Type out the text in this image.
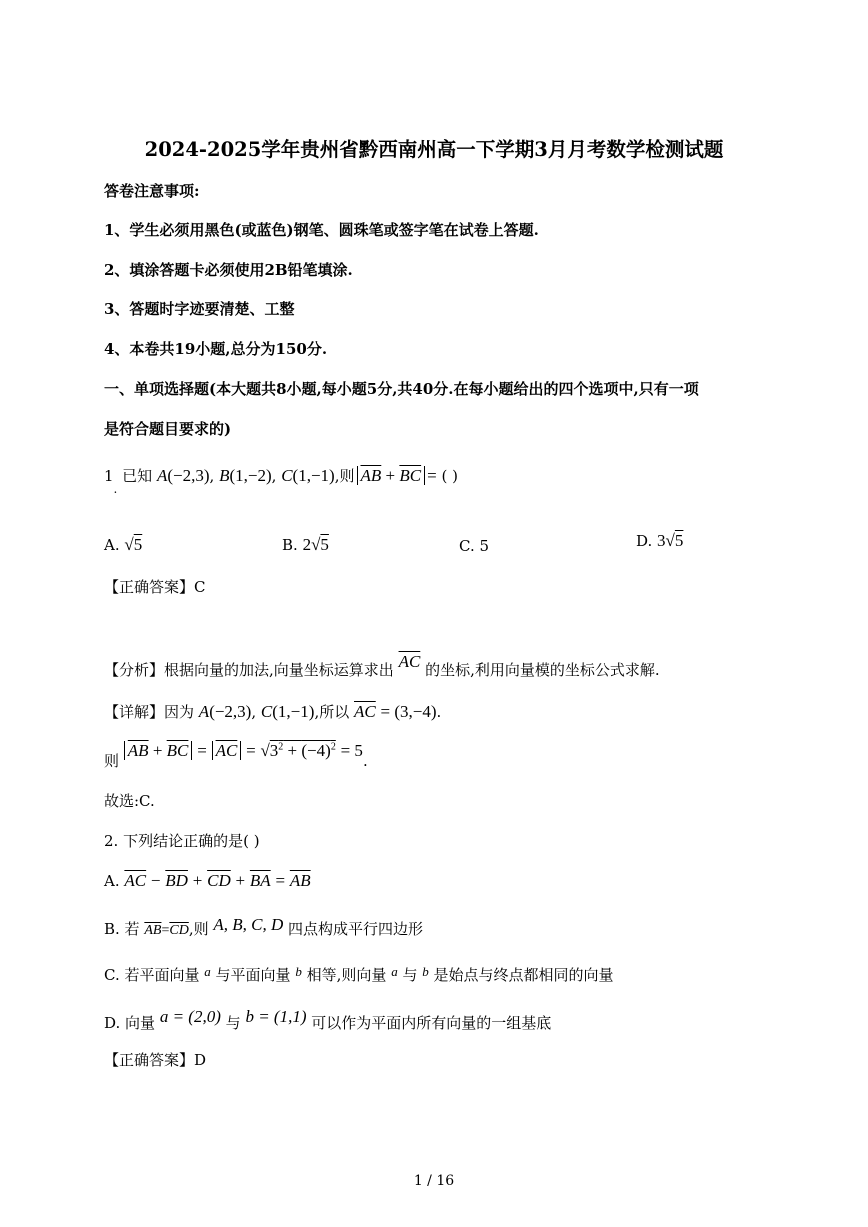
2024-2025学年贵州省黔西南州高一下学期3月月考数学检测试题
答卷注意事项:
1、学生必须用黑色(或蓝色)钢笔、圆珠笔或签字笔在试卷上答题.
2、填涂答题卡必须使用2B铅笔填涂.
3、答题时字迹要清楚、工整
4、本卷共19小题,总分为150分.
一、单项选择题(本大题共8小题,每小题5分,共40分.在每小题给出的四个选项中,只有一项
是符合题目要求的)
$1_.$ 已知 A(−2,3), B(1,−2), C(1,−1),则 $\overline{AB} + \overline{BC}$ = ( )
A. √5	B. 2√5	C. 5	D. 3√5
【正确答案】C
【分析】根据向量的加法,向量坐标运算求出 $\overline{AC}$ 的坐标,利用向量模的坐标公式求解.
【详解】因为 A(−2,3), C(1,−1),所以 $\overline{AC} = (3,-4)$.
则 $\overline{AB} + \overline{BC} = \overline{AC} = √3^2 + (-4)^2 = 5$.
故选:C.
2. 下列结论正确的是( )
A. $\overline{AC} - \overline{BD} + \overline{CD} + \overline{BA} = \overline{AB}$
B. 若 $\overline{AB}=\overline{CD}$,则 A, B, C, D 四点构成平行四边形
C. 若平面向量 a 与平面向量 b 相等,则向量 a 与 b 是始点与终点都相同的向量
D. 向量 a = (2,0) 与 b = (1,1) 可以作为平面内所有向量的一组基底
【正确答案】D
1 / 16
